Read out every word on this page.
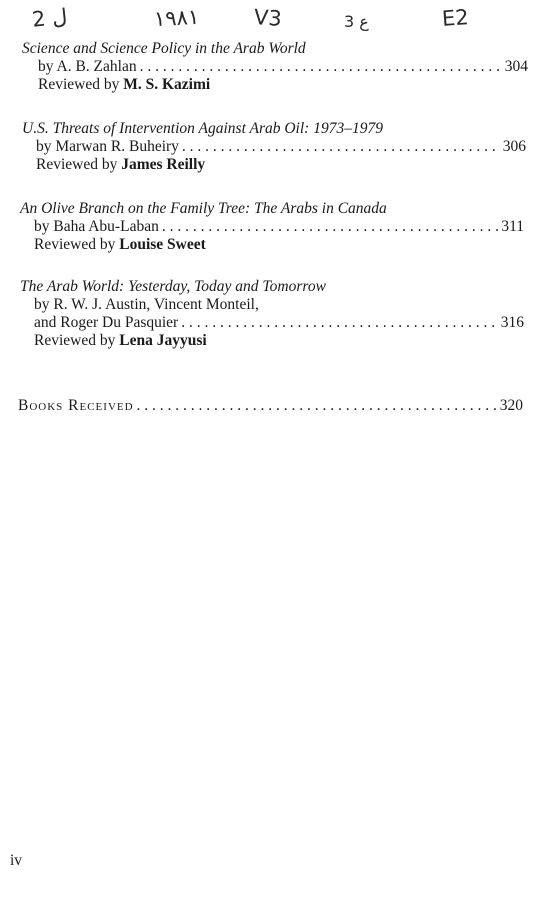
2 ل	١٩٨١	V3	ع 3	E2
Science and Science Policy in the Arab World
by A. B. Zahlan . . .	304
Reviewed by M. S. Kazimi
U.S. Threats of Intervention Against Arab Oil: 1973–1979
by Marwan R. Buheiry . . .	306
Reviewed by James Reilly
An Olive Branch on the Family Tree: The Arabs in Canada
by Baha Abu-Laban . . .	311
Reviewed by Louise Sweet
The Arab World: Yesterday, Today and Tomorrow
by R. W. J. Austin, Vincent Monteil,
and Roger Du Pasquier . . .	316
Reviewed by Lena Jayyusi
Books Received . . .	320
iv
